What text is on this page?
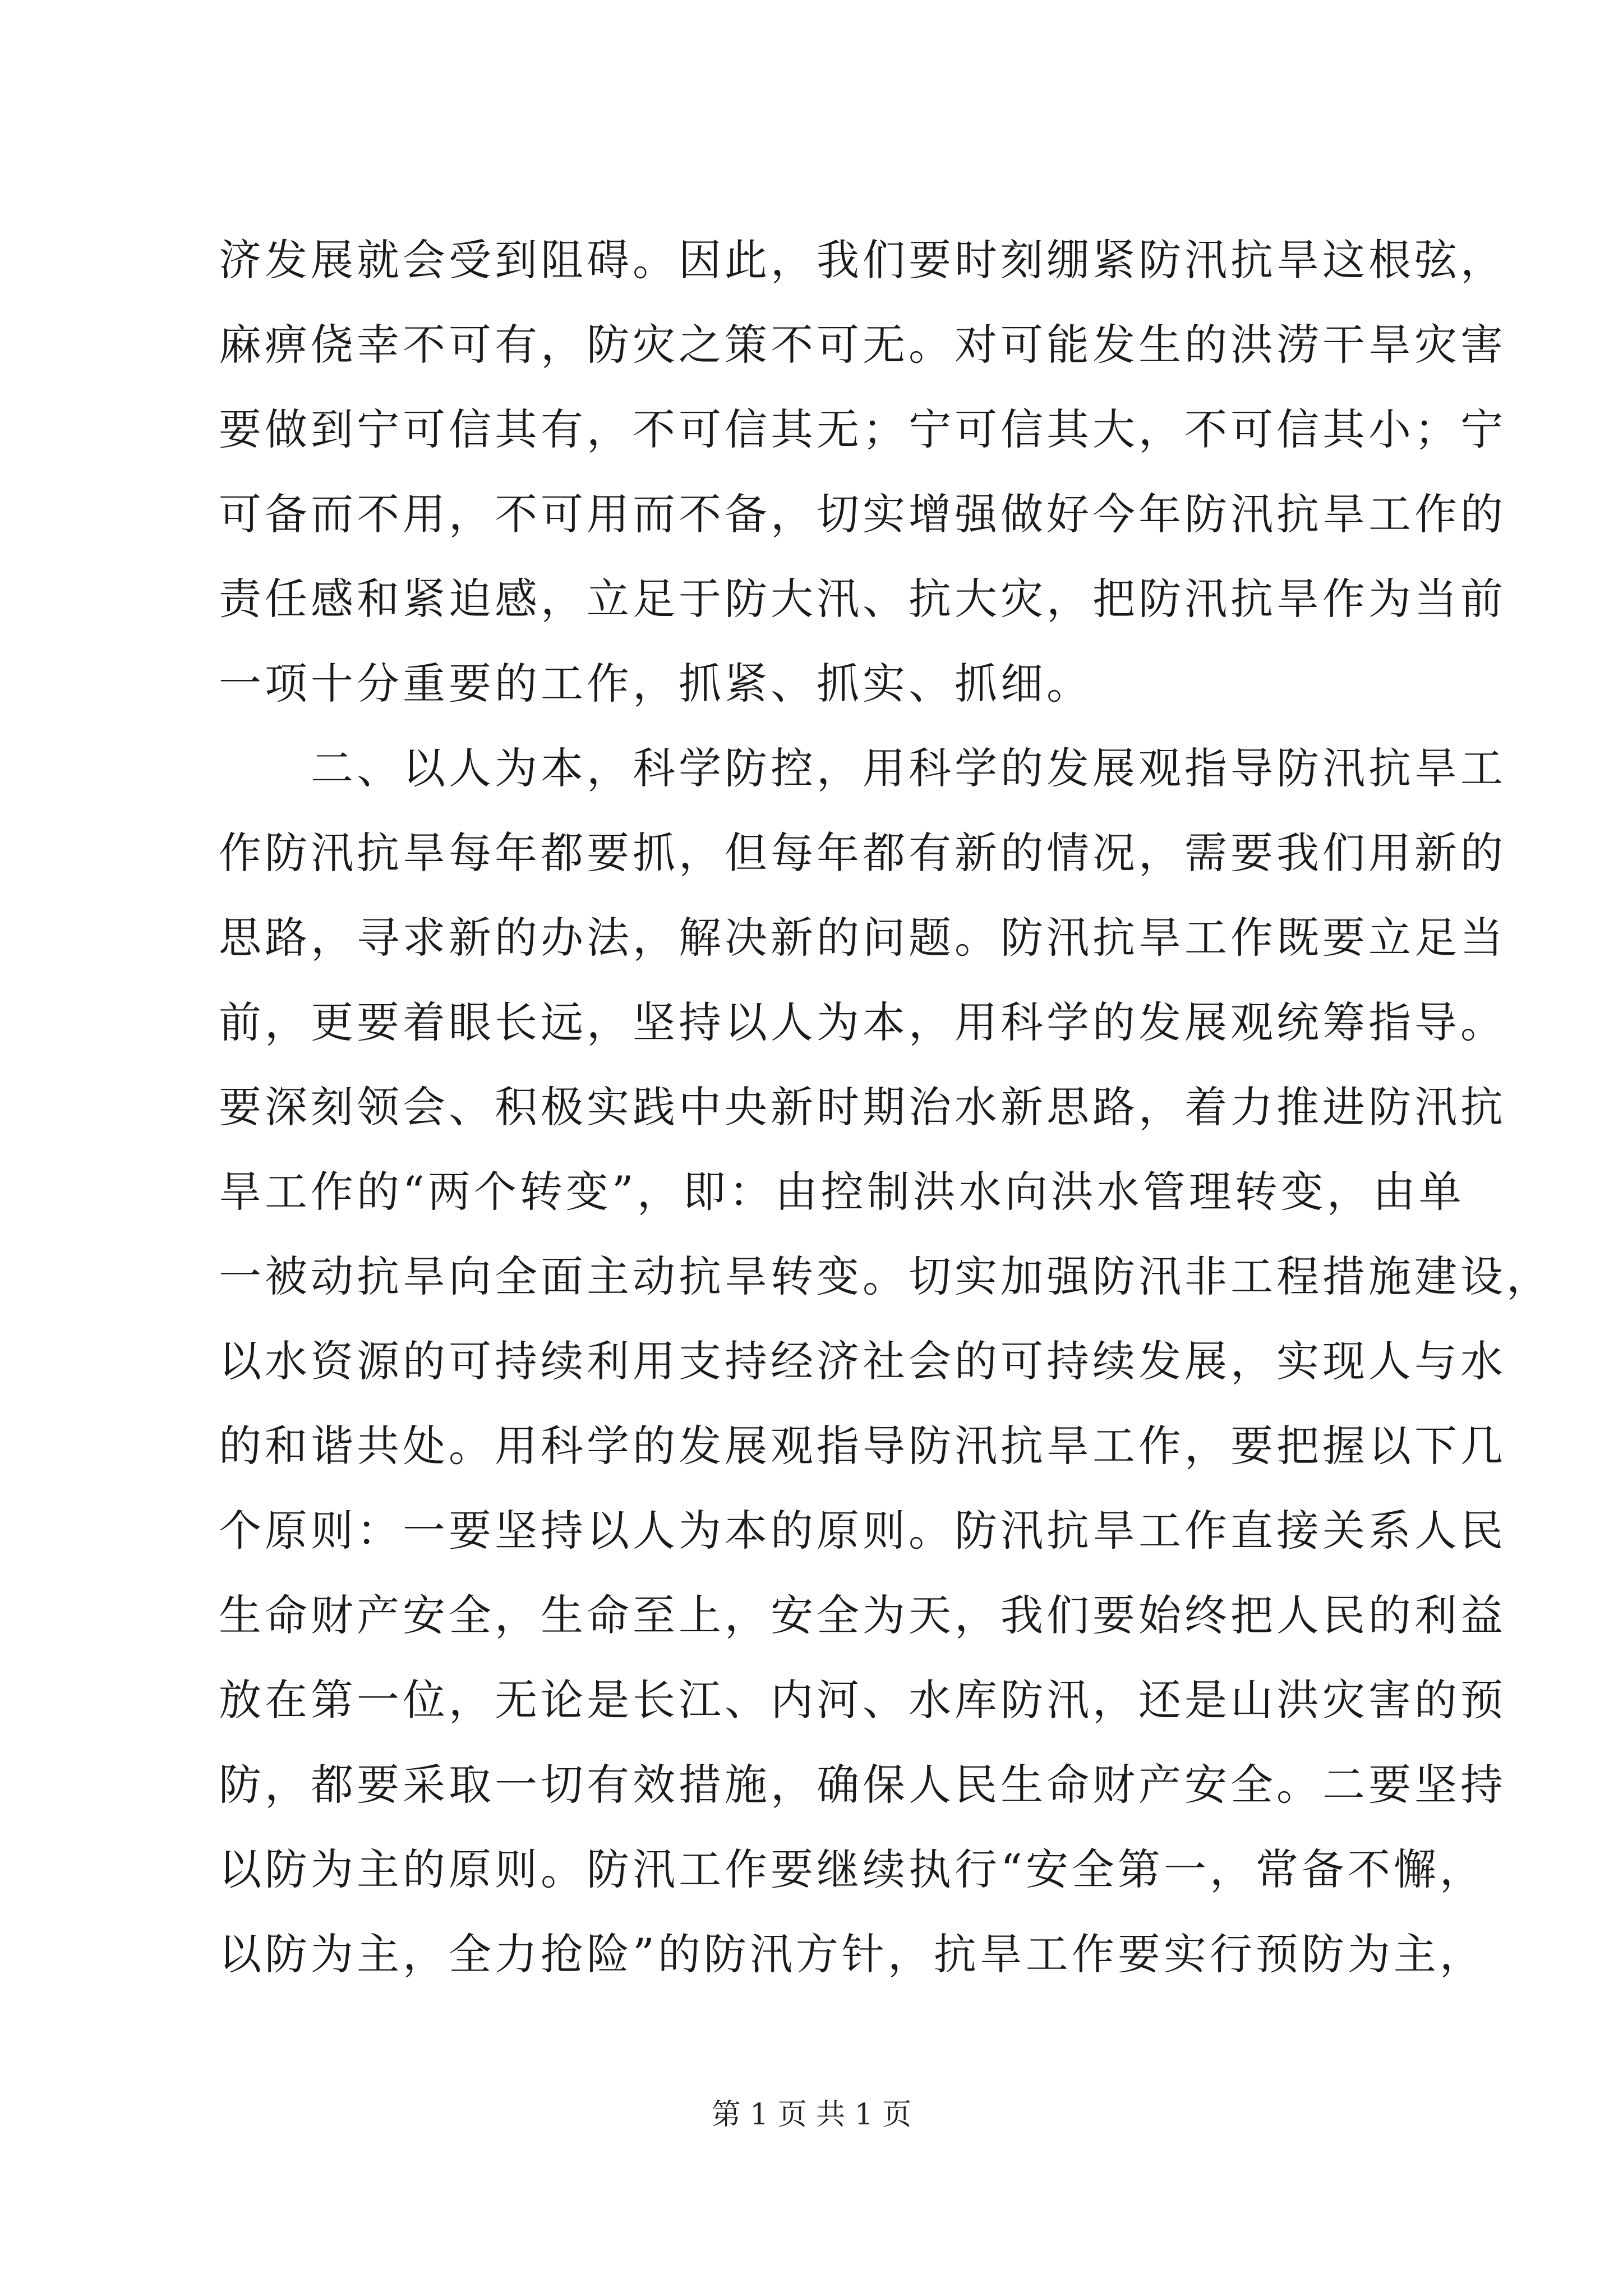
济发展就会受到阻碍。因此，我们要时刻绷紧防汛抗旱这根弦，
麻痹侥幸不可有，防灾之策不可无。对可能发生的洪涝干旱灾害
要做到宁可信其有，不可信其无；宁可信其大，不可信其小；宁
可备而不用，不可用而不备，切实增强做好今年防汛抗旱工作的
责任感和紧迫感，立足于防大汛、抗大灾，把防汛抗旱作为当前
一项十分重要的工作，抓紧、抓实、抓细。
　　二、以人为本，科学防控，用科学的发展观指导防汛抗旱工
作防汛抗旱每年都要抓，但每年都有新的情况，需要我们用新的
思路，寻求新的办法，解决新的问题。防汛抗旱工作既要立足当
前，更要着眼长远，坚持以人为本，用科学的发展观统筹指导。
要深刻领会、积极实践中央新时期治水新思路，着力推进防汛抗
旱工作的“两个转变”，即：由控制洪水向洪水管理转变，由单
一被动抗旱向全面主动抗旱转变。切实加强防汛非工程措施建设，
以水资源的可持续利用支持经济社会的可持续发展，实现人与水
的和谐共处。用科学的发展观指导防汛抗旱工作，要把握以下几
个原则：一要坚持以人为本的原则。防汛抗旱工作直接关系人民
生命财产安全，生命至上，安全为天，我们要始终把人民的利益
放在第一位，无论是长江、内河、水库防汛，还是山洪灾害的预
防，都要采取一切有效措施，确保人民生命财产安全。二要坚持
以防为主的原则。防汛工作要继续执行“安全第一，常备不懈，
以防为主，全力抢险”的防汛方针，抗旱工作要实行预防为主，
第 1 页 共 1 页
